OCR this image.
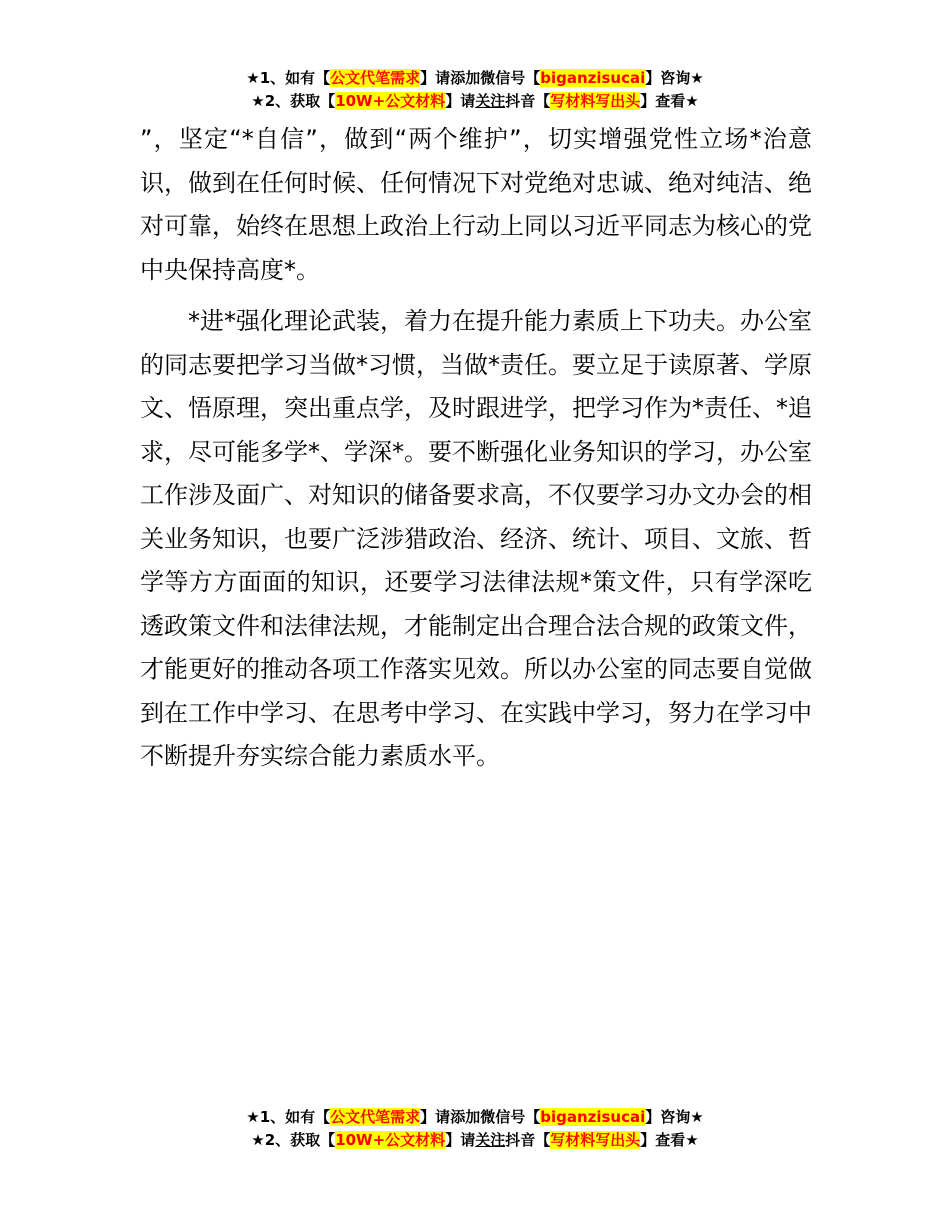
★1、如有【公文代笔需求】请添加微信号【biganzisucai】咨询★
★2、获取【10W+公文材料】请关注抖音【写材料写出头】查看★

”，坚定“*自信”，做到“两个维护”，切实增强党性立场*治意识，做到在任何时候、任何情况下对党绝对忠诚、绝对纯洁、绝对可靠，始终在思想上政治上行动上同以习近平同志为核心的党中央保持高度*。

*进*强化理论武装，着力在提升能力素质上下功夫。办公室的同志要把学习当做*习惯，当做*责任。要立足于读原著、学原文、悟原理，突出重点学，及时跟进学，把学习作为*责任、*追求，尽可能多学*、学深*。要不断强化业务知识的学习，办公室工作涉及面广、对知识的储备要求高，不仅要学习办文办会的相关业务知识，也要广泛涉猎政治、经济、统计、项目、文旅、哲学等方方面面的知识，还要学习法律法规*策文件，只有学深吃透政策文件和法律法规，才能制定出合理合法合规的政策文件，才能更好的推动各项工作落实见效。所以办公室的同志要自觉做到在工作中学习、在思考中学习、在实践中学习，努力在学习中不断提升夯实综合能力素质水平。

★1、如有【公文代笔需求】请添加微信号【biganzisucai】咨询★
★2、获取【10W+公文材料】请关注抖音【写材料写出头】查看★
